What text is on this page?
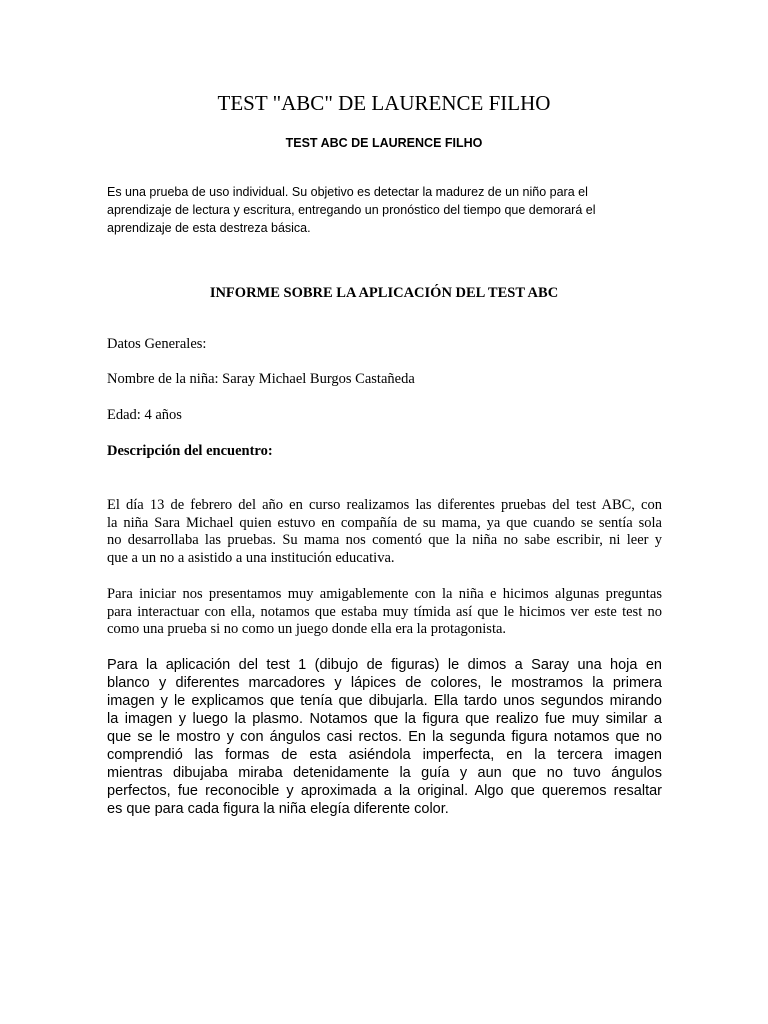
TEST "ABC" DE LAURENCE FILHO
TEST ABC DE LAURENCE FILHO
Es una prueba de uso individual. Su objetivo es detectar la madurez de un niño para el
aprendizaje de lectura y escritura, entregando un pronóstico del tiempo que demorará el
aprendizaje de esta destreza básica.
INFORME SOBRE LA APLICACIÓN DEL TEST ABC
Datos Generales:
Nombre de la niña: Saray Michael Burgos Castañeda
Edad: 4 años
Descripción del encuentro:
El día 13 de febrero del año en curso realizamos las diferentes pruebas del test ABC, con
la niña Sara Michael quien estuvo en compañía de su mama, ya que cuando se sentía sola
no desarrollaba las pruebas. Su mama nos comentó que la niña no sabe escribir, ni leer y
que a un no a asistido a una institución educativa.
Para iniciar nos presentamos muy amigablemente con la niña e hicimos algunas preguntas
para interactuar con ella, notamos que estaba muy tímida así que le hicimos ver este test no
como una prueba si no como un juego donde ella era la protagonista.
Para la aplicación del test 1 (dibujo de figuras) le dimos a Saray una hoja en
blanco y diferentes marcadores y lápices de colores, le mostramos la primera
imagen y le explicamos que tenía que dibujarla. Ella tardo unos segundos mirando
la imagen y luego la plasmo. Notamos que la figura que realizo fue muy similar a
que se le mostro y con ángulos casi rectos. En la segunda figura notamos que no
comprendió las formas de esta asiéndola imperfecta, en la tercera imagen
mientras dibujaba miraba detenidamente la guía y aun que no tuvo ángulos
perfectos, fue reconocible y aproximada a la original. Algo que queremos resaltar
es que para cada figura la niña elegía diferente color.
